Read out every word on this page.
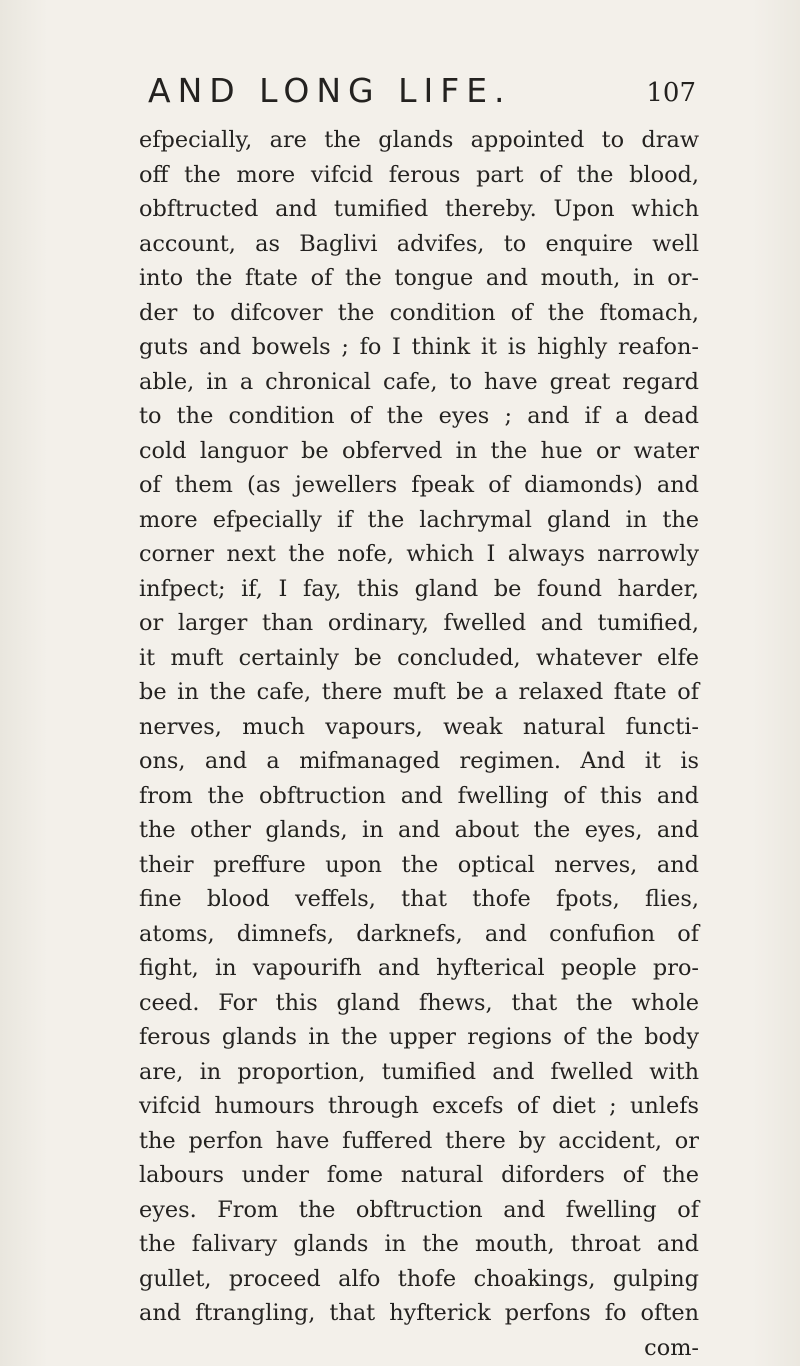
AND LONG LIFE.	107
efpecially, are the glands appointed to draw
off the more vifcid ferous part of the blood,
obftructed and tumified thereby. Upon which
account, as Baglivi advifes, to enquire well
into the ftate of the tongue and mouth, in or-
der to difcover the condition of the ftomach,
guts and bowels ; fo I think it is highly reafon-
able, in a chronical cafe, to have great regard
to the condition of the eyes ; and if a dead
cold languor be obferved in the hue or water
of them (as jewellers fpeak of diamonds) and
more efpecially if the lachrymal gland in the
corner next the nofe, which I always narrowly
infpect; if, I fay, this gland be found harder,
or larger than ordinary, fwelled and tumified,
it muft certainly be concluded, whatever elfe
be in the cafe, there muft be a relaxed ftate of
nerves, much vapours, weak natural functi-
ons, and a mifmanaged regimen. And it is
from the obftruction and fwelling of this and
the other glands, in and about the eyes, and
their preffure upon the optical nerves, and
fine blood veffels, that thofe fpots, flies,
atoms, dimnefs, darknefs, and confufion of
fight, in vapourifh and hyfterical people pro-
ceed. For this gland fhews, that the whole
ferous glands in the upper regions of the body
are, in proportion, tumified and fwelled with
vifcid humours through excefs of diet ; unlefs
the perfon have fuffered there by accident, or
labours under fome natural diforders of the
eyes. From the obftruction and fwelling of
the falivary glands in the mouth, throat and
gullet, proceed alfo thofe choakings, gulping
and ftrangling, that hyfterick perfons fo often
com-
